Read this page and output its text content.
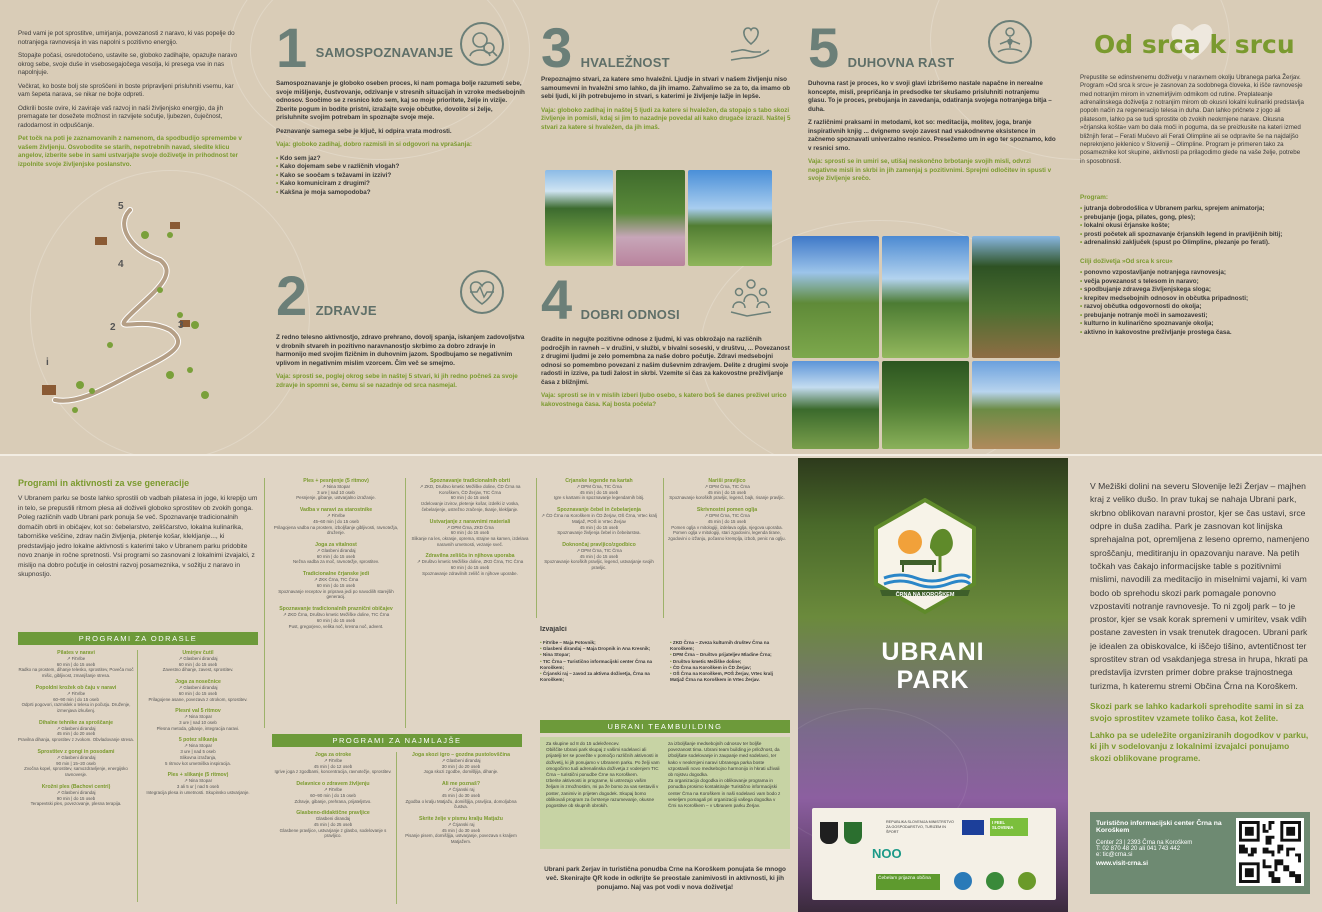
Pred vami je pot sprostitve, umirjanja, povezanosti z naravo, ki vas popelje do notranjega ravnovesja in vas napolni s pozitivno energijo.

Stopajte počasi, osredotočeno, ustavite se, globoko zadihajte, opazujte naravo okrog sebe, svoje duše in vsebosegajočega vesolja, ki presega vse in nas napolnjuje.

Večkrat, ko boste bolj ste sproščeni in boste pripravljeni prisluhniti vsemu, kar vam šepeta narava, se nikar ne bojte odpreti.

Odkrili boste ovire, ki zaviraje vaš razvoj in naši življenjsko energijo, da jih premagate ter dosežete možnost in razvijete sočutje, ljubezen, čuječnost, radodarnost in odpuščanje.

Pet točk na poti je zaznamovanih z namenom, da spodbudijo spremembe v vašem življenju. Osvobodite se starih, nepotrebnih navad, sledite klicu angelov, izberite sebe in sami ustvarjajte svoje doživetje in prihodnost ter izpolnite svoje življenjske poslanstvo.

5
4
2	3
i
1 SAMOSPOZNAVANJE

Samospoznavanje je globoko oseben proces, ki nam pomaga bolje razumeti sebe, svoje mišljenje, čustvovanje, odzivanje v stresnih situacijah in vzroke medsebojnih odnosov. Soočimo se z resnico kdo sem, kaj so moje prioritete, želje in vizije. Zberite pogum in bodite pristni, izražajte svoje občutke, dovolite si želje, prisluhnite svojim potrebam in spoznajte svoje meje.

Peznavanje samega sebe je ključ, ki odpira vrata modrosti.

Vaja: globoko zadihaj, dobro razmisli in si odgovori na vprašanja:

• Kdo sem jaz?
• Kako dojemam sebe v različnih vlogah?
• Kako se soočam s težavami in izzivi?
• Kako komuniciram z drugimi?
• Kakšna je moja samopodoba?
2 ZDRAVJE

Z redno telesno aktivnostjo, zdravo prehrano, dovolj spanja, iskanjem zadovoljstva v drobnih stvareh in pozitivno naravnanostjo skrbimo za dobro zdravje in harmonijo med svojim fizičnim in duhovnim jazom. Spodbujamo se negativnim vplivom in negativnim mislim vzorcem. Čim več se smejmo.

Vaja: sprosti se, poglej okrog sebe in naštej 5 stvari, ki jih redno počneš za svoje zdravje in spomni se, čemu si se nazadnje od srca nasmejal.

3 HVALEŽNOST

Prepoznajmo stvari, za katere smo hvaležni. Ljudje in stvari v našem življenju niso samoumevni in hvaležni smo lahko, da jih imamo. Zahvalimo se za to, da imamo ob sebi ljudi, ki jih potrebujemo in stvari, s katerimi je življenje lažje in lepše.

Vaja: globoko zadihaj in naštej 5 ljudi za katere si hvaležen, da stopajo s tabo skozi življenje in pomisli, kdaj si jim to nazadnje povedal ali kako drugače izrazil. Naštej 5 stvari za katere si hvaležen, da jih imaš.

4 DOBRI ODNOSI

Gradite in negujte pozitivne odnose z ljudmi, ki vas obkrožajo na različnih področjih in ravneh – v družini, v službi, v bivalni soseski, v društvu, ... Povezanost z drugimi ljudmi je zelo pomembna za naše dobro počutje. Zdravi medsebojni odnosi so pomembno povezani z našim duševnim zdravjem. Delite z drugimi svoje radosti in izzive, pa tudi žalost in skrbi. Vzemite si čas za kakovostne preživljanje časa z bližnjimi.

Vaja: sprosti se in v mislih izberi ljubo osebo, s katero boš še danes preživel urico kakovostnega časa. Kaj bosta počela?

5 DUHOVNA RAST

Duhovna rast je proces, ko v svoji glavi izbrišemo nastale napačne in nerealne koncepte, misli, prepričanja in predsodke ter skušamo prisluhniti notranjemu glasu. To je proces, prebujanja in zavedanja, odatiranja svojega notranjega bitja – duha.

Z različnimi praksami in metodami, kot so: meditacija, molitev, joga, branje inspirativnih knjig ... dvignemo svojo zavest nad vsakodnevne eksistence in začnemo spoznavati univerzalno resnico. Presežemo um in ego ter spoznamo, kdo v resnici smo.

Vaja: sprosti se in umiri se, utišaj neskončno brbotanje svojih misli, odvrzi negativne misli in skrbi in jih zamenjaj s pozitivnimi. Sprejmi odločitev in spusti v svoje življenje srečo.

Od srca k srcu

Prepustite se edinstvenemu doživetju v naravnem okolju Ubranega parka Žerjav. Program »Od srca k srcu« je zasnovan za sodobnega človeka, ki išče ravnovesje med notranjim mirom in vznemirljivim odmikom od rutine. Preplateanje adrenalinskega doživetja z notranjim mirom ob okusni lokalni kulinariki predstavlja popoln način za regeneracijo telesa in duha. Dan lahko pričnete z jogo ali pilatesom, lahko pa se tudi sprostite ob zvokih neokrnjene narave. Okusna »črjanska košta« vam bo dala moči in poguma, da se preizkusite na kateri izmed bližnjih ferat – Ferati Mučevo ali Ferati Olimpline ali se odpravite še na najdaljšo nepreknjeno jeklenico v Sloveniji – Olimpline. Program je primeren tako za posameznike kot skupine, aktivnosti pa prilagodimo glede na vaše želje, potrebe in sposobnosti.

Program:

• jutranja dobrodošlica v Ubranem parku, sprejem animatorja;
• prebujanje (joga, pilates, gong, ples);
• lokalni okusi črjanske košte;
• prosti početek ali spoznavanje črjanskih legend in pravljičnih bitij;
• adrenalinski zaključek (spust po Olimpline, plezanje po ferati).

Cilji doživetja »Od srca k srcu«

• ponovno vzpostavljanje notranjega ravnovesja;
• večja povezanost s telesom in naravo;
• spodbujanje zdravega življenjskega sloga;
• krepitev medsebojnih odnosov in občutka pripadnosti;
• razvoj občutka odgovornosti do okolja;
• prebujanje notranje moči in samozavesti;
• kulturno in kulinarično spoznavanje okolja;
• aktivno in kakovostne preživljanje prostega časa.
Programi in aktivnosti za vse generacije

V Ubranem parku se boste lahko sprostili ob vadbah pilatesa in joge, ki krepijo um in telo, se prepustili ritmom plesa ali doživeli globoko sprostitev ob zvokih gonga. Poleg različnih vadb Ubrani park ponuja še več. Spoznavanje tradicionalnih domačih obrti in običajev, kot so: čebelarstvo, zeliščarstvo, lokalna kulinarika, taborniške veščine, zdrav način življenja, pletenje košar, klekljanje..., ki predstavljajo jedro lokalne aktivnosti s katerimi tako v Ubranem parku pridobite novo znanje in ročne spretnosti. Vsi programi so zasnovani z lokalnimi izvajalci, z mislijo na dobro počutje in celostni razvoj posameznika, v sožitju z naravo in skupnostjo.

PROGRAMI ZA ODRASLE
Pilates v naravi
↗ FitVibe
60 min | do 15 oseb
Radko na prostem, dihanje telesko, sprostitev, Poveča moč mišic, gibljivost, zmanjšanje stresa.
Popoldni krožek ob čaju v naravi
↗ FitVibe
60–90 min | do 15 oseb
Odprti pogovori, razmislek o telesu in počutju. Druženje, izmenjava izkušenj.
Dihalne tehnike za sproščanje
↗ Glasbeni dirandaj
45 min | do 20 oseb
Pravilna dihanja, sprostitev z zvokom. Obvladovanje stresa.
Sprostitev z gongi in posodami
↗ Glasbeni dirandaj
90 min | 15–20 oseb
Zvočna kopel, sprostitev, samozdravljenje, energijsko ravnovesje.
Krožni ples (Bachovi centri)
↗ Glasbeni dirandaj
90 min | do 15 oseb
Terapevtski ples, povezovanje, plesna terapija.
Umirjev čutil
↗ Glasbeni dirandaj
60 min | do 15 oseb
Zavestno dihanje, zavest, sprostitev.
Joga za nosečnice
↗ Glasbeni dirandaj
60 min | do 15 oseb
Prilagojene asane, povezava z otrokom, sprostitev.
Plesni val 5 ritmov
↗ Nina Stopar
3 ure | nad 10 oseb
Plesna metoda, gibanje, integracija naravi.
5 potez slikanja
↗ Nina Stopar
3 ure | nad 5 oseb
Slikovna izražanja,
5 ritmov kot umetniška inspiracija.
Ples + slikanje (5 ritmov)
↗ Nina Stopar
3 ali 5 ur | nad 5 oseb
Integracija plesa in umetnosti. Skupinsko ustvarjanje.
Ples + pesnjenje (5 ritmov)
↗ Nina Stopar
3 ure | nad 10 oseb
Pesnjenje, gibanje, ustvarjalno izražanje.
Vadba v naravi za starostnike
↗ FitVibe
45–60 min | do 15 oseb
Prilagojena vadba na prostem, izboljšanje gibljivosti, ravnotežja, druženje.
Joga za vitalnost
↗ Glasbeni dirandaj
60 min | do 15 oseb
Nežna vadba za moč, ravnotežje, sprostitev.
Tradicionalne črjanske jedi
↗ ZKK Črna, TIC Črna
60 min | do 15 oseb
Spoznavanje receptov in priprava jedi po navodilih starejših generacij.
Spoznavanje tradicionalnih praznični običajev
↗ ZKD Črna, Društvo kmetic Mežiške doline, TIC Črna
60 min | do 15 oseb
Pust, gregorjevo, velika noč, kresna noč, advent.
Spoznavanje tradicionalnih obrti
↗ ZKD, Društvo kmetic Mežiške doline, ČD Črna na Koroškem, ČD Žerjav, TIC Črna
60 min | do 15 oseb
Izdelovanje izvirov, pletenje košar, izdelki iz voska, čebelarjenje, ustrežno zračenje, tkanje, klekljanje.
Ustvarjanje z naravnimi materiali
↗ DPM Črna, ZKD Črna
60 min | do 15 oseb
Slikanje na les, okrasje, oprema, strajne na kamen, izdelava naravnih umetnosti, vezanje sveč.
Zdravilna zelišča in njihova uporaba
↗ Društvo kmetic Mežiške doline, ZKD Črna, TIC Črna
60 min | do 15 oseb
Spoznavanje zdravilnih zelišč in njihove uporabe.
PROGRAMI ZA NAJMLAJŠE
Joga za otroke
↗ FitVibe
45 min | do 12 oseb
Igrive joga z zgodbami, koncentracija, ravnotežje, sprostitev.
Delavnice o zdravem življenju
↗ FitVibe
60–90 min | do 15 oseb
Zdravje, gibanje, prehrana, prijateljstvo.
Glasbeno-didaktične pravljice
Glasbeni dirandaj
45 min | do 25 oseb
Glasbene pravljice, ustvarjanje z glasbo, sodelovanje s pravljico.
Joga skozi igro – gozdna pustolovščina
↗ Glasbeni dirandaj
30 min | do 20 oseb
Joga skozi zgodbe, domišljija, dihanje.
Ali me poznaš?
↗ Črjanski raj
45 min | do 30 oseb
Zgodba o kralju Matjažu, domišljija, pravljica, domoljubna čustva.
Skrite želje v pismu kralju Matjažu
↗ Črjanski raj
45 min | do 30 oseb
Pisanje pisem, domišljija, ustvarjanje, povezava s kraljem Matjažem.
Črjanske legende na kartah
↗ DPM Črna, TIC Črna
45 min | do 15 oseb
Igre s kartami in spoznavanje legendarnih bitij.
Spoznavanje čebel in čebelarjenja
↗ ČD Črna na Koroškem in ČD Žerjav, OŠ Črna, Vrtec kralj Matjaž, POŠ in Vrtec Žerjav
45 min | do 15 oseb
Spoznavanje življenja čebel in čebelarstva.
Doknončaj pravljico/zgodbico
↗ DPM Črna, TIC Črna
45 min | do 15 oseb
Spoznavanje koroških pravljic, legend, ustvarjanje svojih pravljic.
Nariši pravljico
↗ DPM Črna, TIC Črna
45 min | do 15 oseb
Spoznavanje koroških pravljic, legend, bajk, risanje pravljic.
Skrivnostni pomen oglja
↗ DPM Črna, TIC Črna
45 min | do 15 oseb
Pomen oglja v mitologiji, izdelava oglja, njegova uporaba.
Pomen oglja v mitologiji, stari zgodovini, legenda tirane, zgodovini o izžanju, počasno kremplja, izbob, penic na oglju.
Izvajalci
• FitVibe – Maja Potovnik;
• Glasbeni dirandaj – Maja Dropnik in Ana Kresnik;
• Nina Stopar;
• TIC Črna – Turistično informacijski center Črna na Koroškem;
• Črjanski raj – zavod za aktivna doživetja, Črna na Koroškem;
• ZKD Črna – Zveza kulturnih društev Črna na Koroškem;
• DPM Črna – Društvo prijateljev Mladine Črna;
• Društvo kmetic Mežiške doline;
• ČD Črna na Koroškem in ČD Žerjav;
• OŠ Črna na Koroškem, POŠ Žerjav, Vrtec kralj Matjaž Črna na Koroškem in Vrtec Žerjav.
UBRANI TEAMBUILDING

Za skupine od 8 do 15 udeležencev.
Obiščite Ubrani park skupaj z vašimi sodelavci ali prijatelji ter se povežite v pomočjo različnih aktivnosti in doživetij, ki jih ponujamo v Ubranem parku. Po želji vam omogočimo tudi adrenalinska doživetja z vodenjem TIC Črna – turistični ponudbe Črne na Koroškem.
Izberite aktivnosti in programe, ki ustrezajo vašim željam in zmožnostim, mi pa že bomo za vas sestavili v poster, zanimiv in prijeten dogodek. Skupaj bomo oblikovali program za čvrstenje razumevanje, okusne pogostitve ob skupnih obrokih.

za izboljšanje medsebojnih odnosov ter boljše povezanost tima. Ubrani team building je priložnost, da izboljšate sodelovanje in zaupanje med sodelavci, ter kako v neokrnjeni naravi Ubranega parka boste vzpostavili novo medsebojno harmonijo in hkrati uživali ob rojstvu dogodka.
Za organizacijo dogodka in oblikovanje programa in ponudba prosimo kontaktirajte Turistično informacijski center Črna na Koroškem in naši sodelavci vam bodo z veseljem pomagali pri organizaciji vašega dogodka v Črni na Koroškem – v Ubranem parku Žerjav.

Ubrani park Žerjav in turistična ponudba Črne na Koroškem ponujata še mnogo več. Skenirajte QR kode in odkrijte še preostale zanimivosti in aktivnosti, ki jih ponujamo. Naj vas pot vodi v nova doživetja!

ČRNA NA KOROŠKEM
UBRANI
PARK
REPUBLIKA SLOVENIJA MINISTRSTVO ZA GOSPODARSTVO, TURIZEM IN ŠPORT
I FEEL SLOVENIA
NOO
Čebelam prijazna občina

V Mežiški dolini na severu Slovenije leži Žerjav – majhen kraj z veliko dušo. In prav tukaj se nahaja Ubrani park, skrbno oblikovan naravni prostor, kjer se čas ustavi, srce odpre in duša zadiha. Park je zasnovan kot linijska sprehajalna pot, opremljena z leseno opremo, namenjeno sproščanju, meditiranju in opazovanju narave. Na petih točkah vas čakajo informacijske table s pozitivnimi mislimi, navodili za meditacijo in miselnimi vajami, ki vam bodo ob sprehodu skozi park pomagale ponovno vzpostaviti notranje ravnovesje. To ni zgolj park – to je prostor, kjer se vsak korak spremeni v umiritev, vsak vdih postane zavesten in vsak trenutek dragocen. Ubrani park je idealen za obiskovalce, ki iščejo tišino, avtentičnost ter sprostitev stran od vsakdanjega stresa in hrupa, hkrati pa predstavlja izvrsten primer dobre prakse trajnostnega turizma, h kateremu stremi Občina Črna na Koroškem.

Skozi park se lahko kadarkoli sprehodite sami in si za svojo sprostitev vzamete toliko časa, kot želite.

Lahko pa se udeležite organiziranih dogodkov v parku, ki jih v sodelovanju z lokalnimi izvajalci ponujamo skozi oblikovane programe.

Turistično informacijski center Črna na Koroškem
Center 23 | 2393 Črna na Koroškem
T: 02 870 48 20 ali 041 743 442
e: tic@crna.si
www.visit-crna.si
